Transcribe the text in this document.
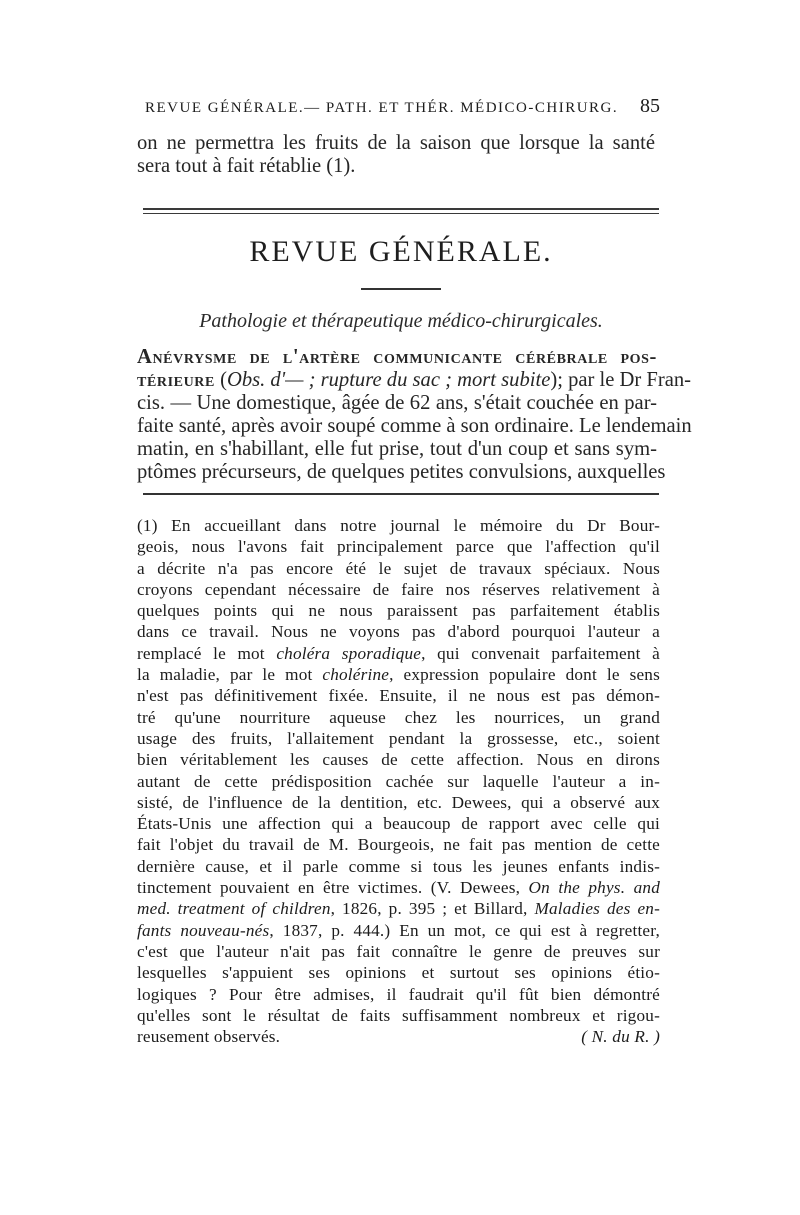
REVUE GÉNÉRALE.— PATH. ET THÉR. MÉDICO-CHIRURG. 85
on ne permettra les fruits de la saison que lorsque la santé
sera tout à fait rétablie (1).
REVUE GÉNÉRALE.
Pathologie et thérapeutique médico-chirurgicales.
Anévrysme de l'artère communicante cérébrale pos-
térieure (Obs. d'— ; rupture du sac ; mort subite); par le Dr Fran-
cis. — Une domestique, âgée de 62 ans, s'était couchée en par-
faite santé, après avoir soupé comme à son ordinaire. Le lendemain
matin, en s'habillant, elle fut prise, tout d'un coup et sans sym-
ptômes précurseurs, de quelques petites convulsions, auxquelles
(1) En accueillant dans notre journal le mémoire du Dr Bour-
geois, nous l'avons fait principalement parce que l'affection qu'il
a décrite n'a pas encore été le sujet de travaux spéciaux. Nous
croyons cependant nécessaire de faire nos réserves relativement à
quelques points qui ne nous paraissent pas parfaitement établis
dans ce travail. Nous ne voyons pas d'abord pourquoi l'auteur a
remplacé le mot choléra sporadique, qui convenait parfaitement à
la maladie, par le mot cholérine, expression populaire dont le sens
n'est pas définitivement fixée. Ensuite, il ne nous est pas démon-
tré qu'une nourriture aqueuse chez les nourrices, un grand
usage des fruits, l'allaitement pendant la grossesse, etc., soient
bien véritablement les causes de cette affection. Nous en dirons
autant de cette prédisposition cachée sur laquelle l'auteur a in-
sisté, de l'influence de la dentition, etc. Dewees, qui a observé aux
États-Unis une affection qui a beaucoup de rapport avec celle qui
fait l'objet du travail de M. Bourgeois, ne fait pas mention de cette
dernière cause, et il parle comme si tous les jeunes enfants indis-
tinctement pouvaient en être victimes. (V. Dewees, On the phys. and
med. treatment of children, 1826, p. 395 ; et Billard, Maladies des en-
fants nouveau-nés, 1837, p. 444.) En un mot, ce qui est à regretter,
c'est que l'auteur n'ait pas fait connaître le genre de preuves sur
lesquelles s'appuient ses opinions et surtout ses opinions étio-
logiques ? Pour être admises, il faudrait qu'il fût bien démontré
qu'elles sont le résultat de faits suffisamment nombreux et rigou-
reusement observés.	( N. du R. )
